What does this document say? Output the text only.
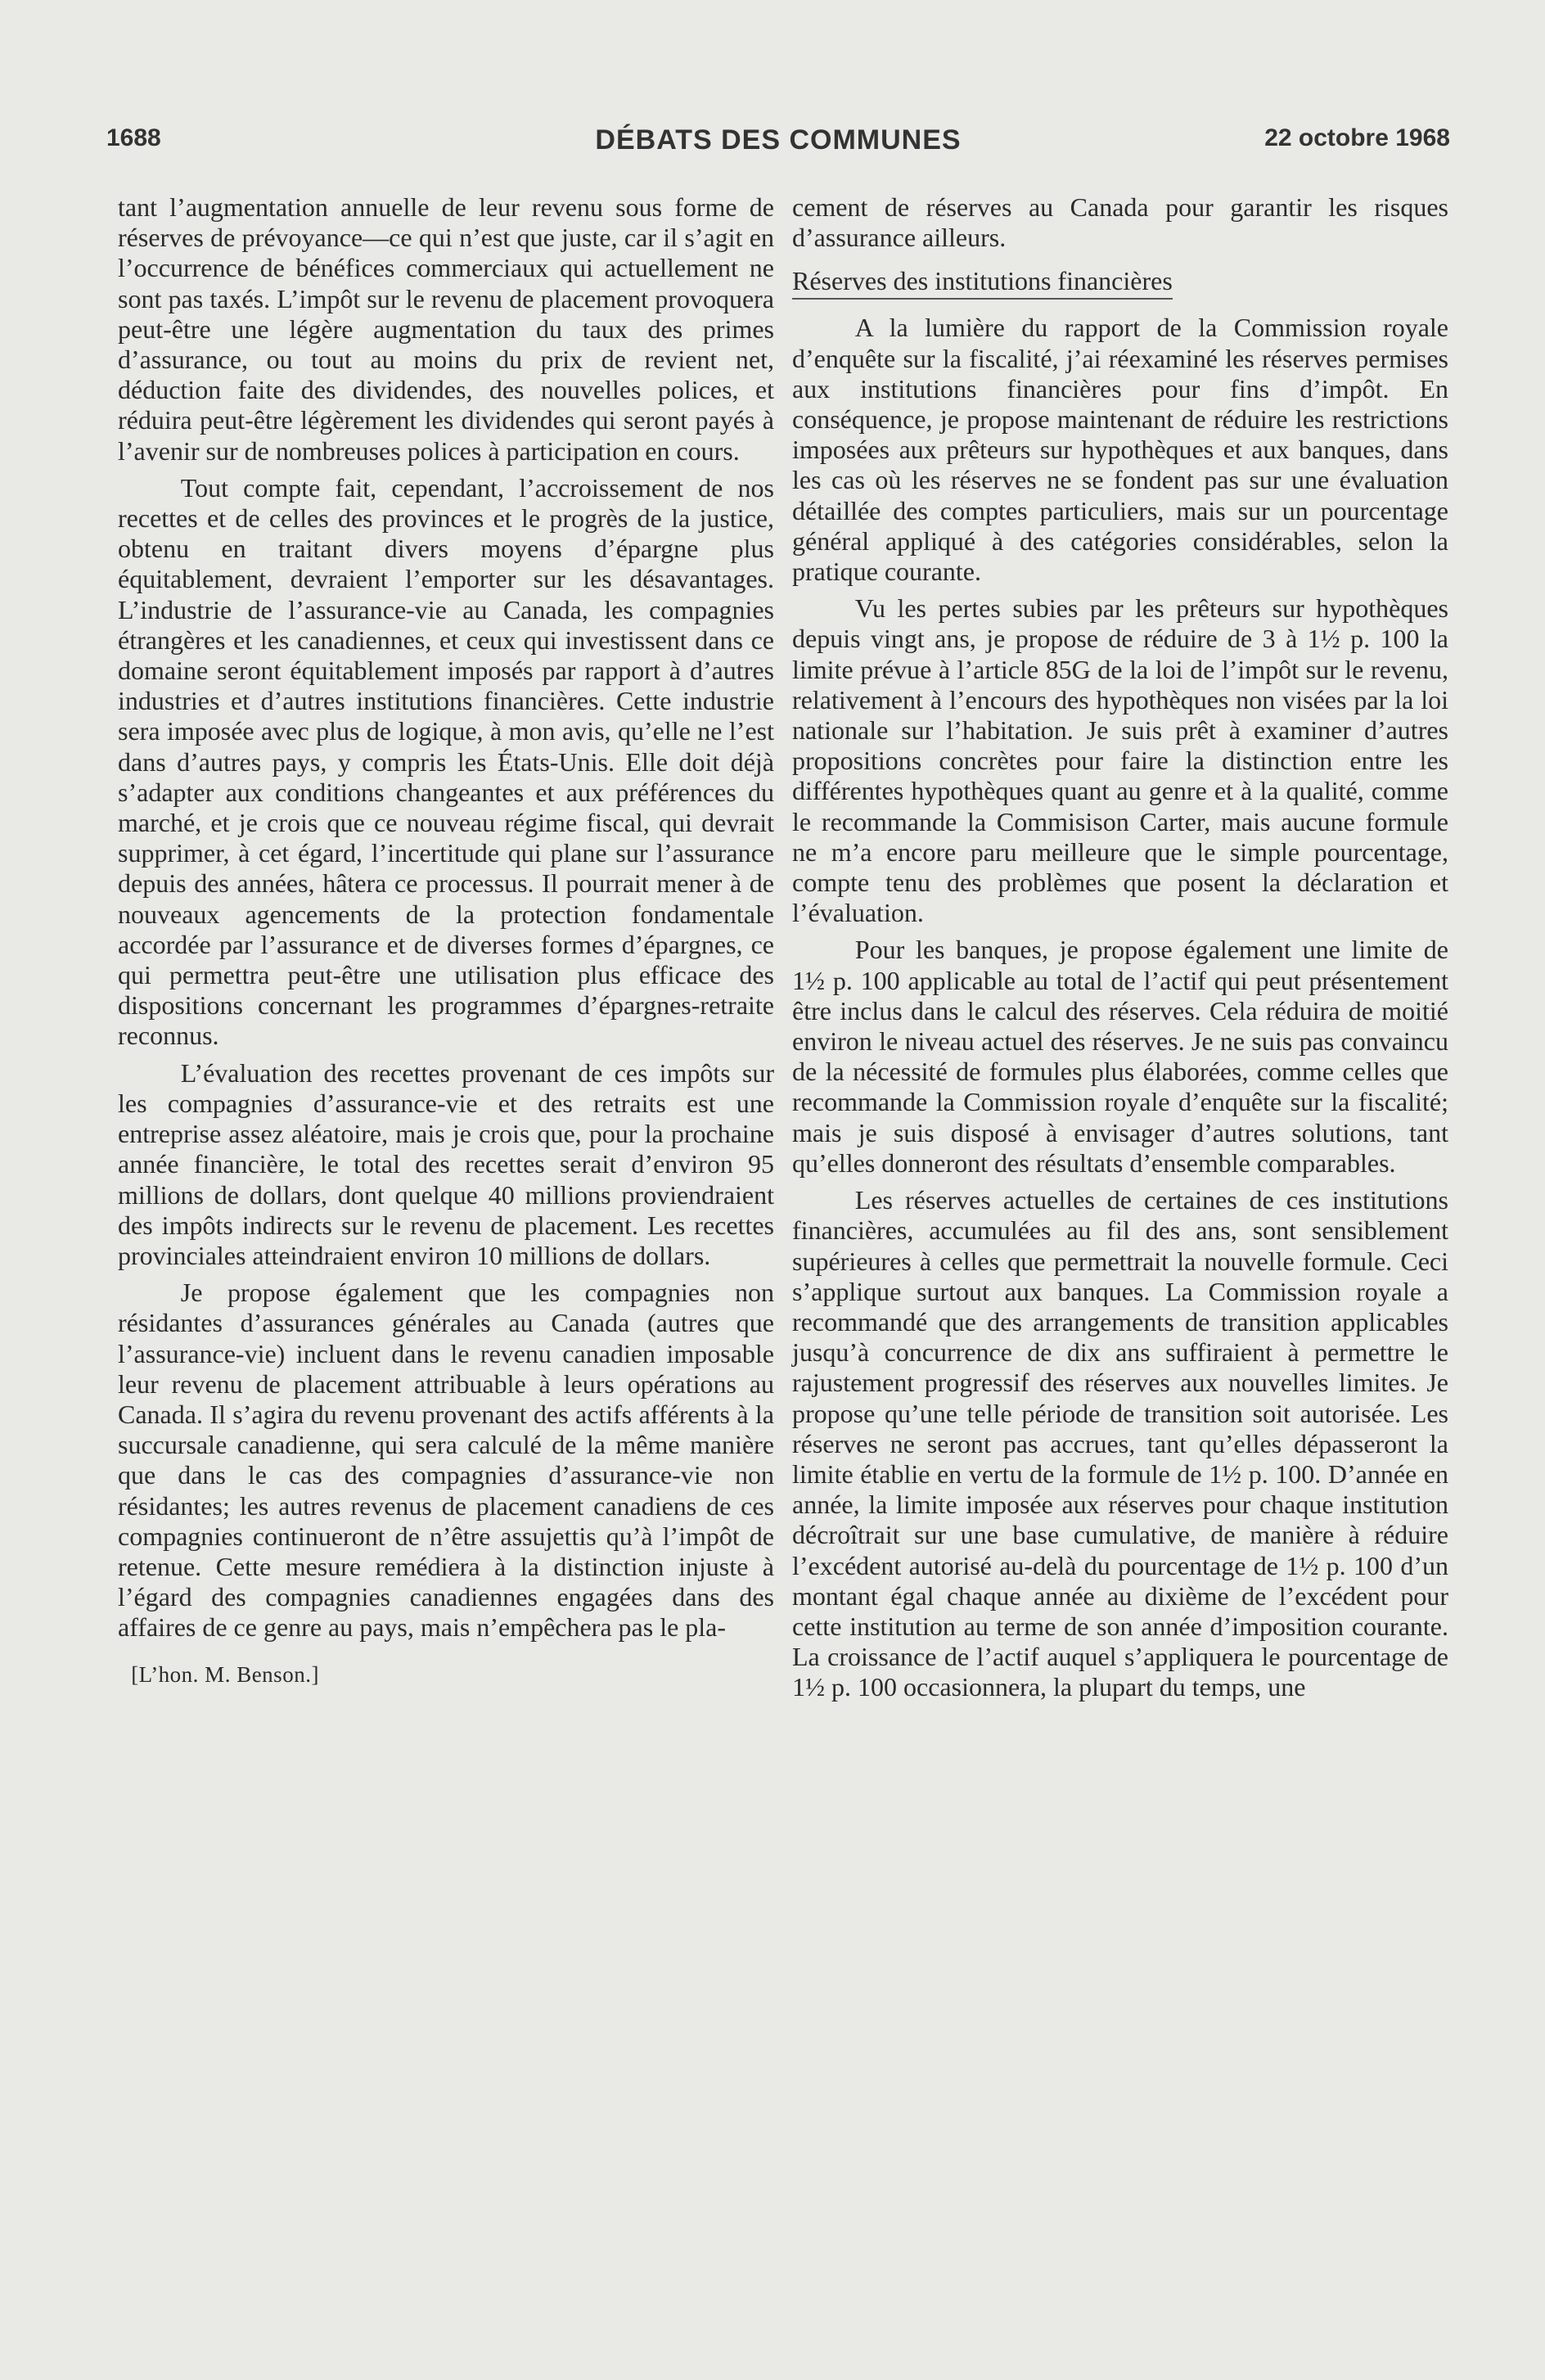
1688	DÉBATS DES COMMUNES	22 octobre 1968

tant l’augmentation annuelle de leur revenu sous forme de réserves de prévoyance—ce qui n’est que juste, car il s’agit en l’occurrence de bénéfices commerciaux qui actuellement ne sont pas taxés. L’impôt sur le revenu de placement provoquera peut-être une légère augmentation du taux des primes d’assurance, ou tout au moins du prix de revient net, déduction faite des dividendes, des nouvelles polices, et réduira peut-être légèrement les dividendes qui seront payés à l’avenir sur de nombreuses polices à participation en cours.

Tout compte fait, cependant, l’accroissement de nos recettes et de celles des provinces et le progrès de la justice, obtenu en traitant divers moyens d’épargne plus équitablement, devraient l’emporter sur les désavantages. L’industrie de l’assurance-vie au Canada, les compagnies étrangères et les canadiennes, et ceux qui investissent dans ce domaine seront équitablement imposés par rapport à d’autres industries et d’autres institutions financières. Cette industrie sera imposée avec plus de logique, à mon avis, qu’elle ne l’est dans d’autres pays, y compris les États-Unis. Elle doit déjà s’adapter aux conditions changeantes et aux préférences du marché, et je crois que ce nouveau régime fiscal, qui devrait supprimer, à cet égard, l’incertitude qui plane sur l’assurance depuis des années, hâtera ce processus. Il pourrait mener à de nouveaux agencements de la protection fondamentale accordée par l’assurance et de diverses formes d’épargnes, ce qui permettra peut-être une utilisation plus efficace des dispositions concernant les programmes d’épargnes-retraite reconnus.

L’évaluation des recettes provenant de ces impôts sur les compagnies d’assurance-vie et des retraits est une entreprise assez aléatoire, mais je crois que, pour la prochaine année financière, le total des recettes serait d’environ 95 millions de dollars, dont quelque 40 millions proviendraient des impôts indirects sur le revenu de placement. Les recettes provinciales atteindraient environ 10 millions de dollars.

Je propose également que les compagnies non résidantes d’assurances générales au Canada (autres que l’assurance-vie) incluent dans le revenu canadien imposable leur revenu de placement attribuable à leurs opérations au Canada. Il s’agira du revenu provenant des actifs afférents à la succursale canadienne, qui sera calculé de la même manière que dans le cas des compagnies d’assurance-vie non résidantes; les autres revenus de placement canadiens de ces compagnies continueront de n’être assujettis qu’à l’impôt de retenue. Cette mesure remédiera à la distinction injuste à l’égard des compagnies canadiennes engagées dans des affaires de ce genre au pays, mais n’empêchera pas le pla-

[L’hon. M. Benson.]

cement de réserves au Canada pour garantir les risques d’assurance ailleurs.

Réserves des institutions financières

A la lumière du rapport de la Commission royale d’enquête sur la fiscalité, j’ai réexaminé les réserves permises aux institutions financières pour fins d’impôt. En conséquence, je propose maintenant de réduire les restrictions imposées aux prêteurs sur hypothèques et aux banques, dans les cas où les réserves ne se fondent pas sur une évaluation détaillée des comptes particuliers, mais sur un pourcentage général appliqué à des catégories considérables, selon la pratique courante.

Vu les pertes subies par les prêteurs sur hypothèques depuis vingt ans, je propose de réduire de 3 à 1½ p. 100 la limite prévue à l’article 85G de la loi de l’impôt sur le revenu, relativement à l’encours des hypothèques non visées par la loi nationale sur l’habitation. Je suis prêt à examiner d’autres propositions concrètes pour faire la distinction entre les différentes hypothèques quant au genre et à la qualité, comme le recommande la Commisison Carter, mais aucune formule ne m’a encore paru meilleure que le simple pourcentage, compte tenu des problèmes que posent la déclaration et l’évaluation.

Pour les banques, je propose également une limite de 1½ p. 100 applicable au total de l’actif qui peut présentement être inclus dans le calcul des réserves. Cela réduira de moitié environ le niveau actuel des réserves. Je ne suis pas convaincu de la nécessité de formules plus élaborées, comme celles que recommande la Commission royale d’enquête sur la fiscalité; mais je suis disposé à envisager d’autres solutions, tant qu’elles donneront des résultats d’ensemble comparables.

Les réserves actuelles de certaines de ces institutions financières, accumulées au fil des ans, sont sensiblement supérieures à celles que permettrait la nouvelle formule. Ceci s’applique surtout aux banques. La Commission royale a recommandé que des arrangements de transition applicables jusqu’à concurrence de dix ans suffiraient à permettre le rajustement progressif des réserves aux nouvelles limites. Je propose qu’une telle période de transition soit autorisée. Les réserves ne seront pas accrues, tant qu’elles dépasseront la limite établie en vertu de la formule de 1½ p. 100. D’année en année, la limite imposée aux réserves pour chaque institution décroîtrait sur une base cumulative, de manière à réduire l’excédent autorisé au-delà du pourcentage de 1½ p. 100 d’un montant égal chaque année au dixième de l’excédent pour cette institution au terme de son année d’imposition courante. La croissance de l’actif auquel s’appliquera le pourcentage de 1½ p. 100 occasionnera, la plupart du temps, une
